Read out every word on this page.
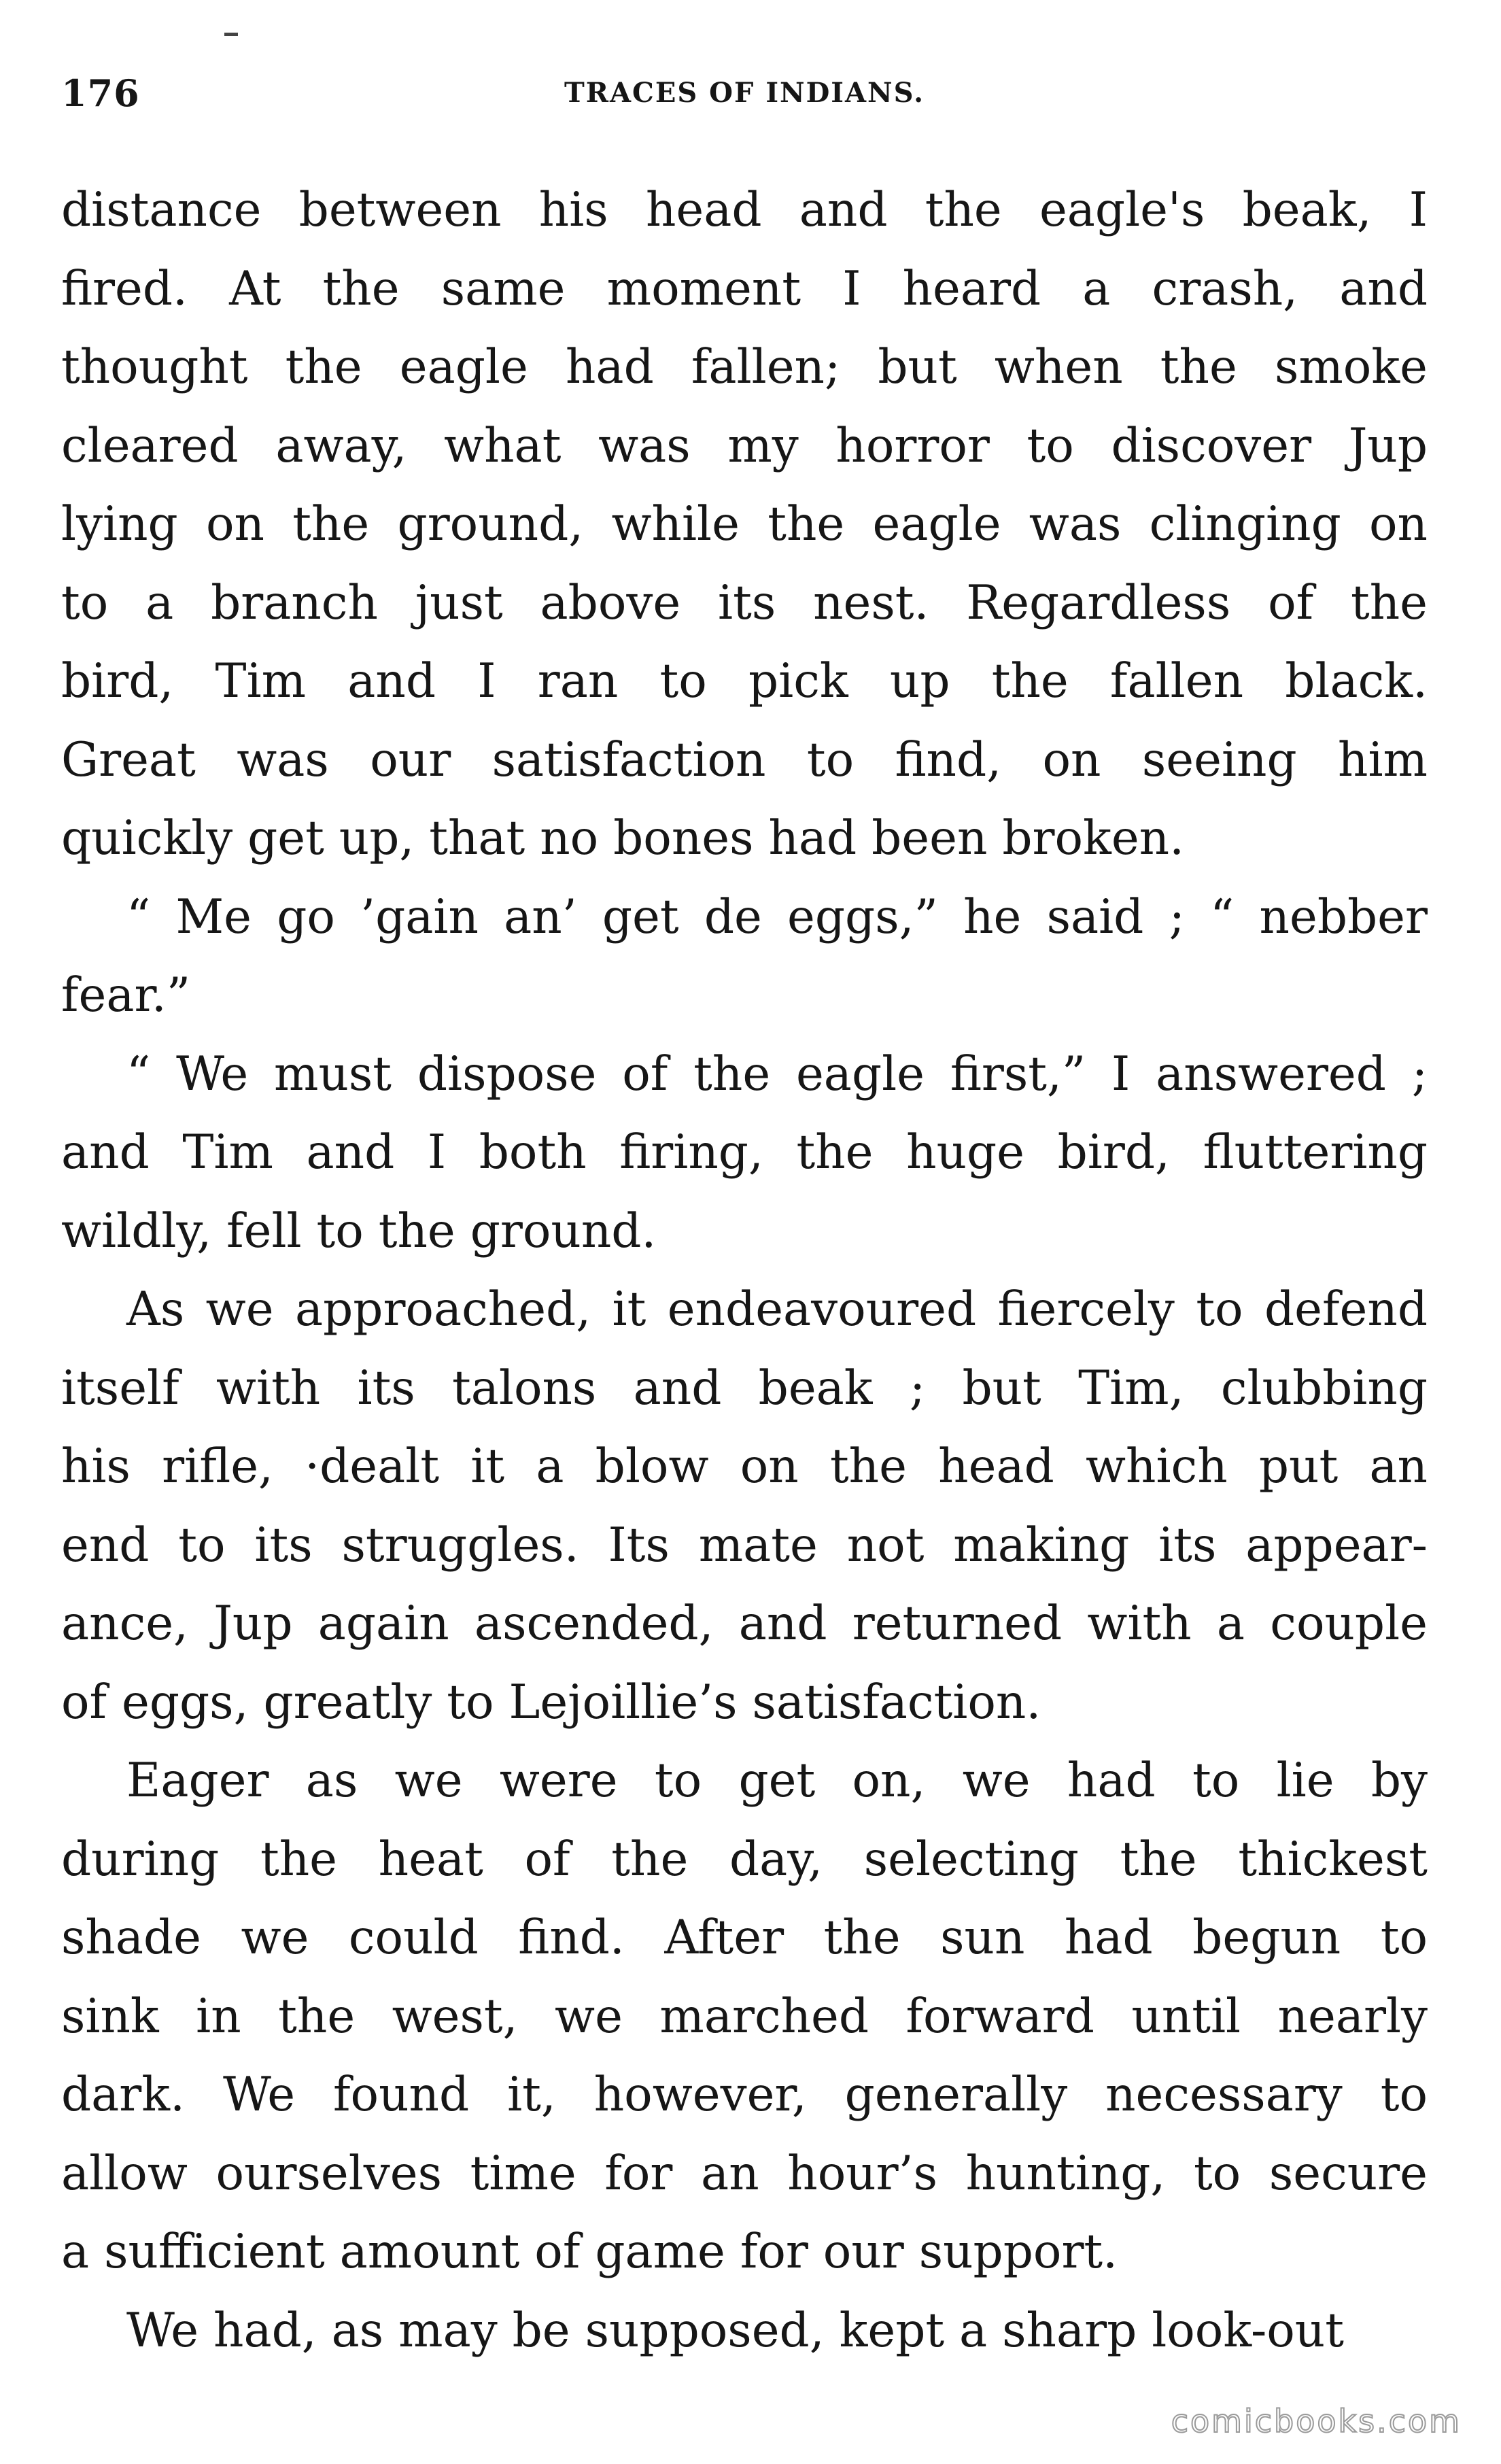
176	TRACES OF INDIANS.
distance between his head and the eagle's beak, I
fired. At the same moment I heard a crash, and
thought the eagle had fallen; but when the smoke
cleared away, what was my horror to discover Jup
lying on the ground, while the eagle was clinging on
to a branch just above its nest. Regardless of the
bird, Tim and I ran to pick up the fallen black.
Great was our satisfaction to find, on seeing him
quickly get up, that no bones had been broken.
“ Me go ’gain an’ get de eggs,” he said ; “ nebber
fear.”
“ We must dispose of the eagle first,” I answered ;
and Tim and I both firing, the huge bird, fluttering
wildly, fell to the ground.
As we approached, it endeavoured fiercely to defend
itself with its talons and beak ; but Tim, clubbing
his rifle, ·dealt it a blow on the head which put an
end to its struggles. Its mate not making its appear-
ance, Jup again ascended, and returned with a couple
of eggs, greatly to Lejoillie’s satisfaction.
Eager as we were to get on, we had to lie by
during the heat of the day, selecting the thickest
shade we could find. After the sun had begun to
sink in the west, we marched forward until nearly
dark. We found it, however, generally necessary to
allow ourselves time for an hour’s hunting, to secure
a sufficient amount of game for our support.
We had, as may be supposed, kept a sharp look-out
comicbooks.com
